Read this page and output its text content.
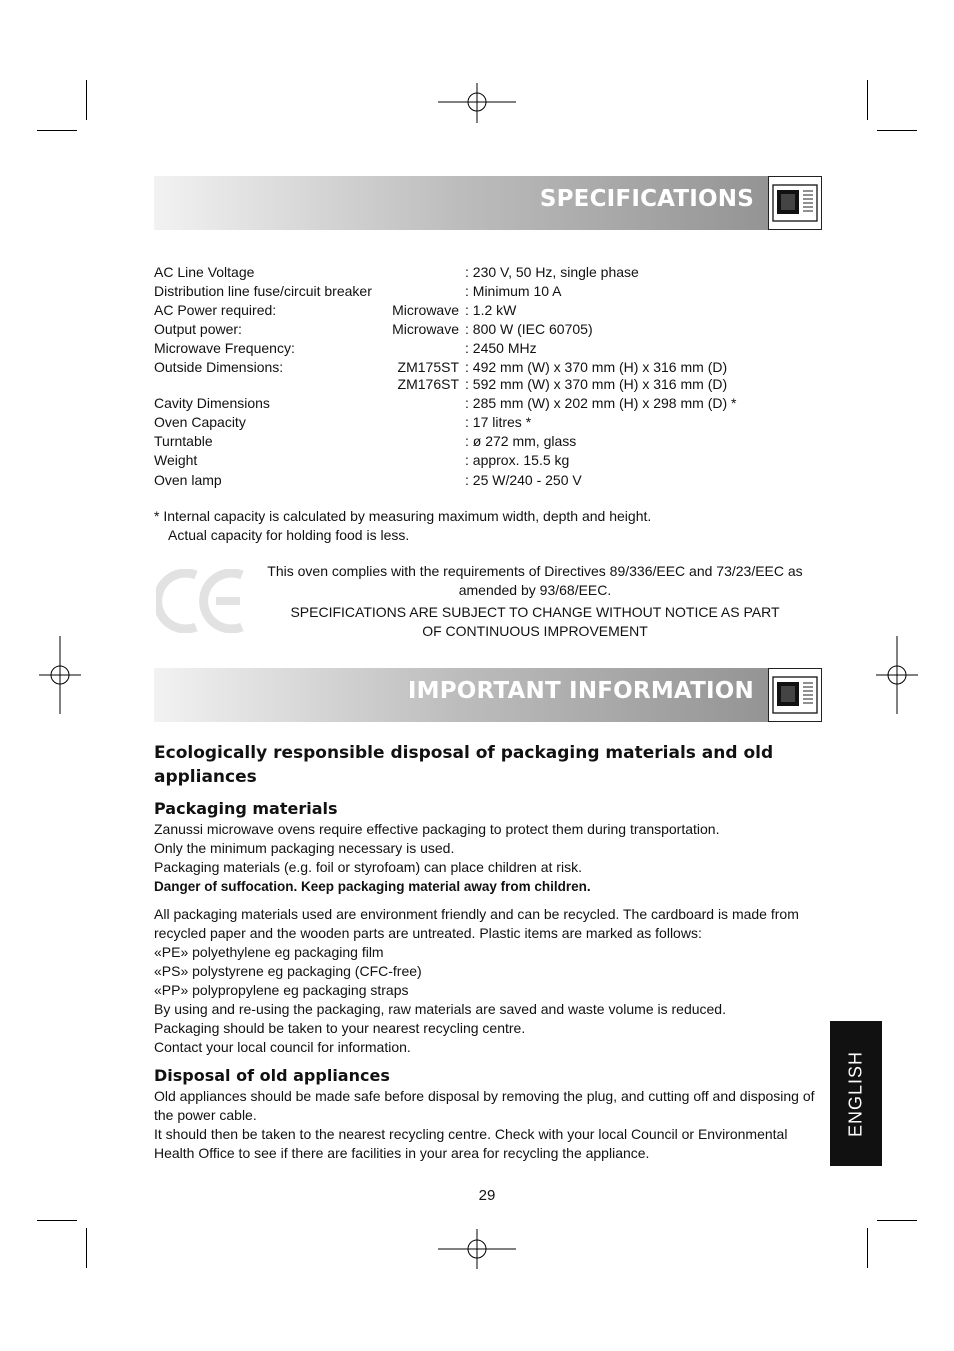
SPECIFICATIONS
AC Line Voltage	: 230 V, 50 Hz, single phase
Distribution line fuse/circuit breaker	: Minimum 10 A
AC Power required:	Microwave : 1.2 kW
Output power:	Microwave : 800 W (IEC 60705)
Microwave Frequency:	: 2450 MHz
Outside Dimensions:	ZM175ST : 492 mm (W) x 370 mm (H) x 316 mm (D)
ZM176ST : 592 mm (W) x 370 mm (H) x 316 mm (D)
Cavity Dimensions	: 285 mm (W) x 202 mm (H) x 298 mm (D) *
Oven Capacity	: 17 litres *
Turntable	: ø 272 mm, glass
Weight	: approx. 15.5 kg
Oven lamp	: 25 W/240 - 250 V
* Internal capacity is calculated by measuring maximum width, depth and height.
Actual capacity for holding food is less.
This oven complies with the requirements of Directives 89/336/EEC and 73/23/EEC as amended by 93/68/EEC.
SPECIFICATIONS ARE SUBJECT TO CHANGE WITHOUT NOTICE AS PART OF CONTINUOUS IMPROVEMENT
IMPORTANT INFORMATION
Ecologically responsible disposal of packaging materials and old appliances
Packaging materials
Zanussi microwave ovens require effective packaging to protect them during transportation.
Only the minimum packaging necessary is used.
Packaging materials (e.g. foil or styrofoam) can place children at risk.
Danger of suffocation. Keep packaging material away from children.
All packaging materials used are environment friendly and can be recycled. The cardboard is made from recycled paper and the wooden parts are untreated. Plastic items are marked as follows:
«PE» polyethylene eg packaging film
«PS» polystyrene eg packaging (CFC-free)
«PP» polypropylene eg packaging straps
By using and re-using the packaging, raw materials are saved and waste volume is reduced.
Packaging should be taken to your nearest recycling centre.
Contact your local council for information.
Disposal of old appliances
Old appliances should be made safe before disposal by removing the plug, and cutting off and disposing of the power cable.
It should then be taken to the nearest recycling centre. Check with your local Council or Environmental Health Office to see if there are facilities in your area for recycling the appliance.
ENGLISH
29
